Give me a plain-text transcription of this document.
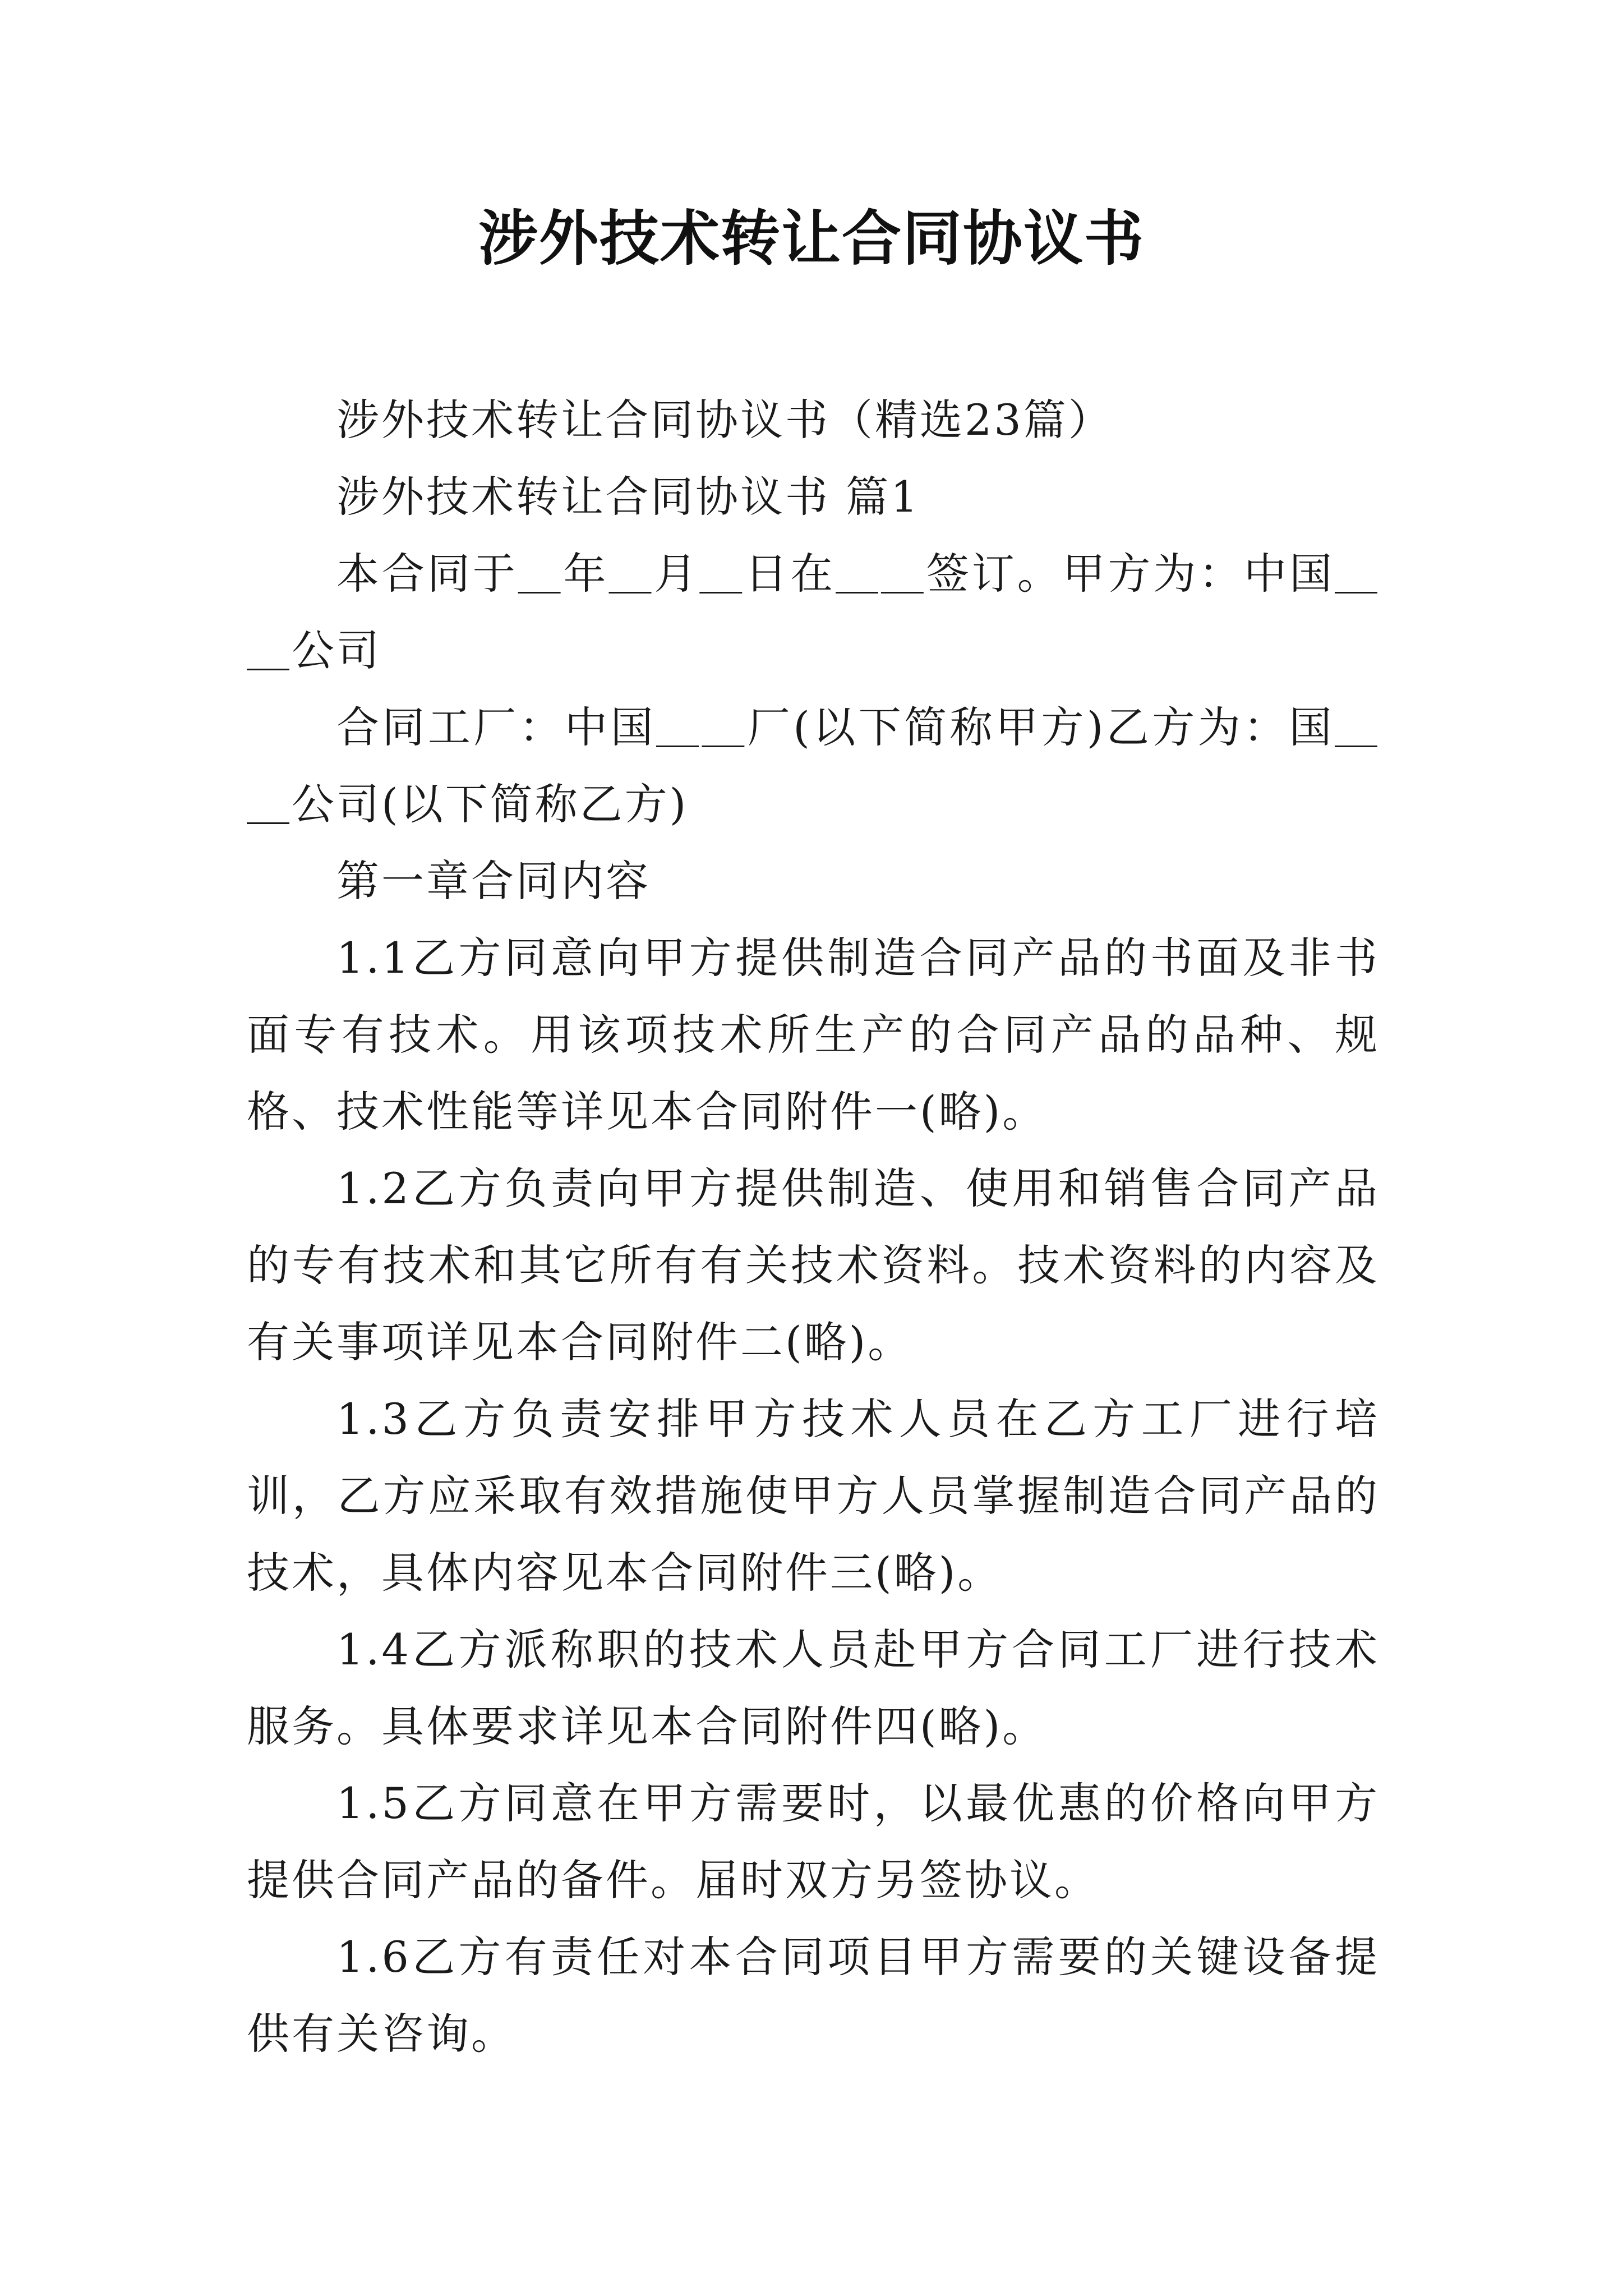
涉外技术转让合同协议书

涉外技术转让合同协议书（精选23篇）

涉外技术转让合同协议书 篇1

本合同于＿年＿月＿日在＿＿签订。甲方为：中国＿＿公司

合同工厂：中国＿＿厂(以下简称甲方)乙方为：国＿＿公司(以下简称乙方)

第一章合同内容

1.1乙方同意向甲方提供制造合同产品的书面及非书面专有技术。用该项技术所生产的合同产品的品种、规格、技术性能等详见本合同附件一(略)。

1.2乙方负责向甲方提供制造、使用和销售合同产品的专有技术和其它所有有关技术资料。技术资料的内容及有关事项详见本合同附件二(略)。

1.3乙方负责安排甲方技术人员在乙方工厂进行培训，乙方应采取有效措施使甲方人员掌握制造合同产品的技术，具体内容见本合同附件三(略)。

1.4乙方派称职的技术人员赴甲方合同工厂进行技术服务。具体要求详见本合同附件四(略)。

1.5乙方同意在甲方需要时，以最优惠的价格向甲方提供合同产品的备件。届时双方另签协议。

1.6乙方有责任对本合同项目甲方需要的关键设备提供有关咨询。
